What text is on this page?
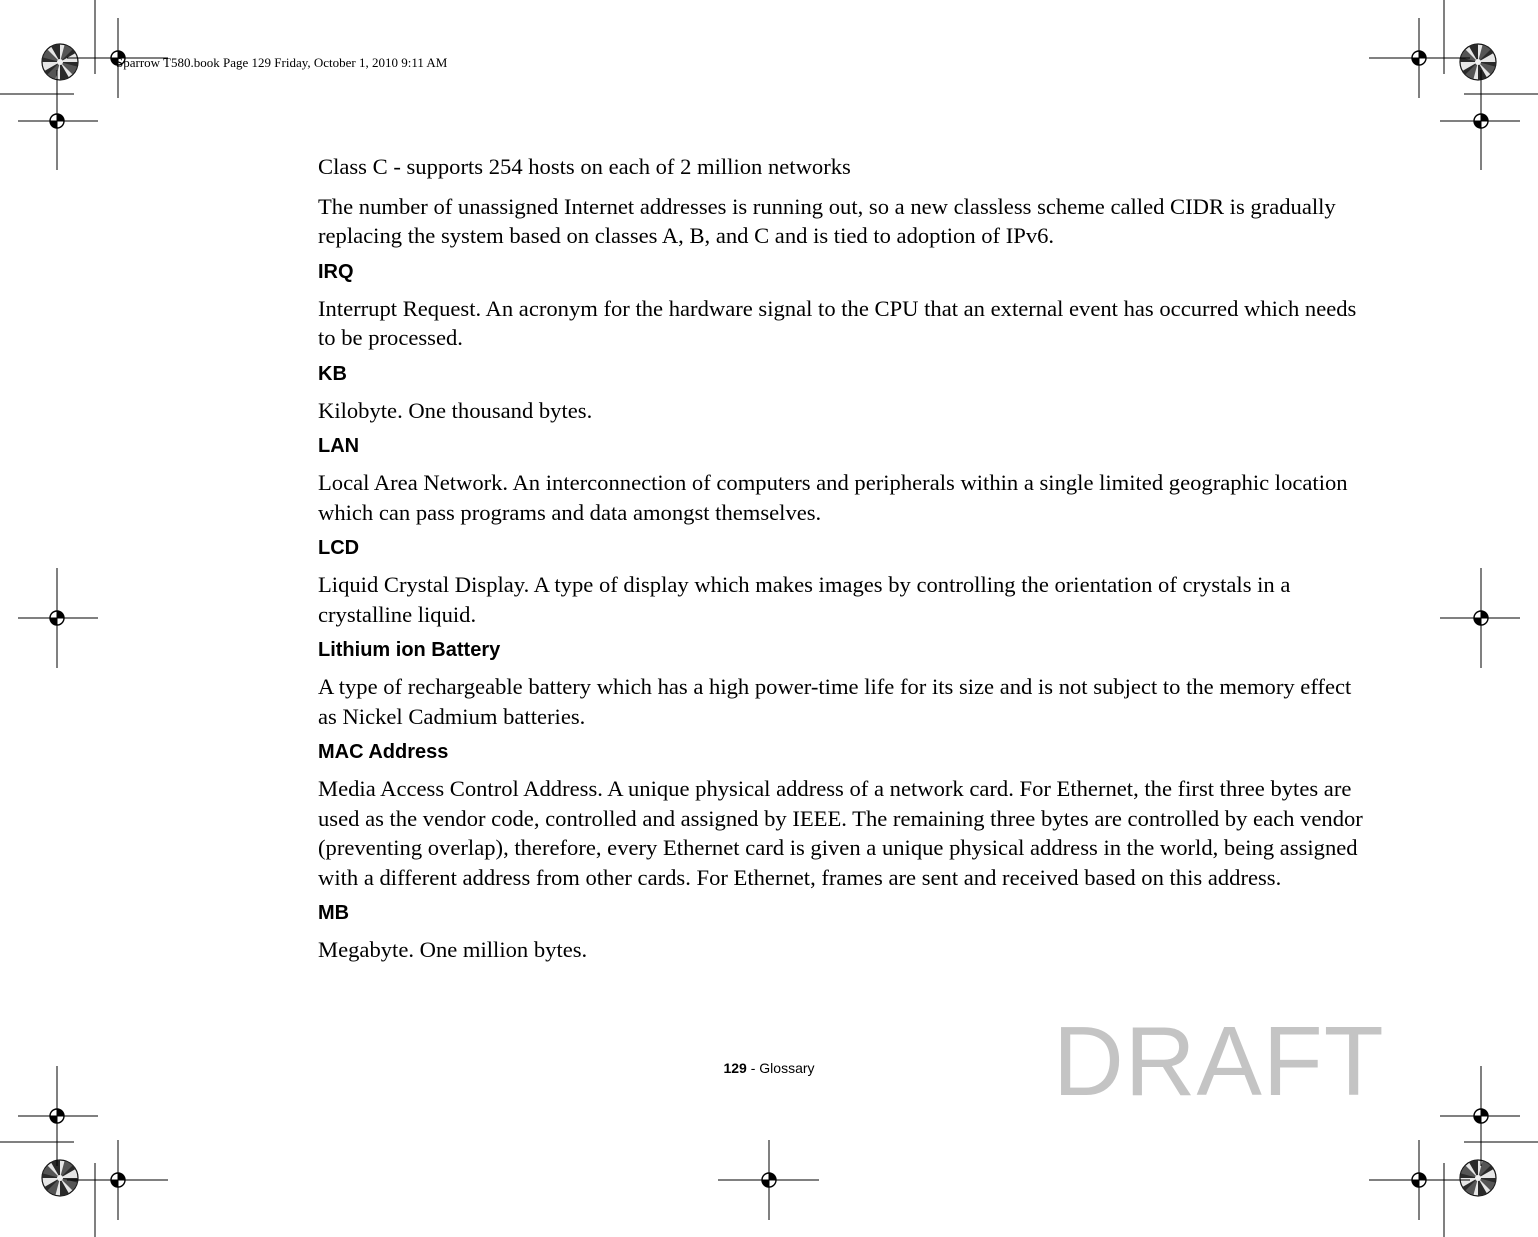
Sparrow T580.book Page 129 Friday, October 1, 2010 9:11 AM

Class C - supports 254 hosts on each of 2 million networks

The number of unassigned Internet addresses is running out, so a new classless scheme called CIDR is gradually replacing the system based on classes A, B, and C and is tied to adoption of IPv6.

IRQ

Interrupt Request. An acronym for the hardware signal to the CPU that an external event has occurred which needs to be processed.

KB

Kilobyte. One thousand bytes.

LAN

Local Area Network. An interconnection of computers and peripherals within a single limited geographic location which can pass programs and data amongst themselves.

LCD

Liquid Crystal Display. A type of display which makes images by controlling the orientation of crystals in a crystalline liquid.

Lithium ion Battery

A type of rechargeable battery which has a high power-time life for its size and is not subject to the memory effect as Nickel Cadmium batteries.

MAC Address

Media Access Control Address. A unique physical address of a network card. For Ethernet, the first three bytes are used as the vendor code, controlled and assigned by IEEE. The remaining three bytes are controlled by each vendor (preventing overlap), therefore, every Ethernet card is given a unique physical address in the world, being assigned with a different address from other cards. For Ethernet, frames are sent and received based on this address.

MB

Megabyte. One million bytes.

129 - Glossary	DRAFT
